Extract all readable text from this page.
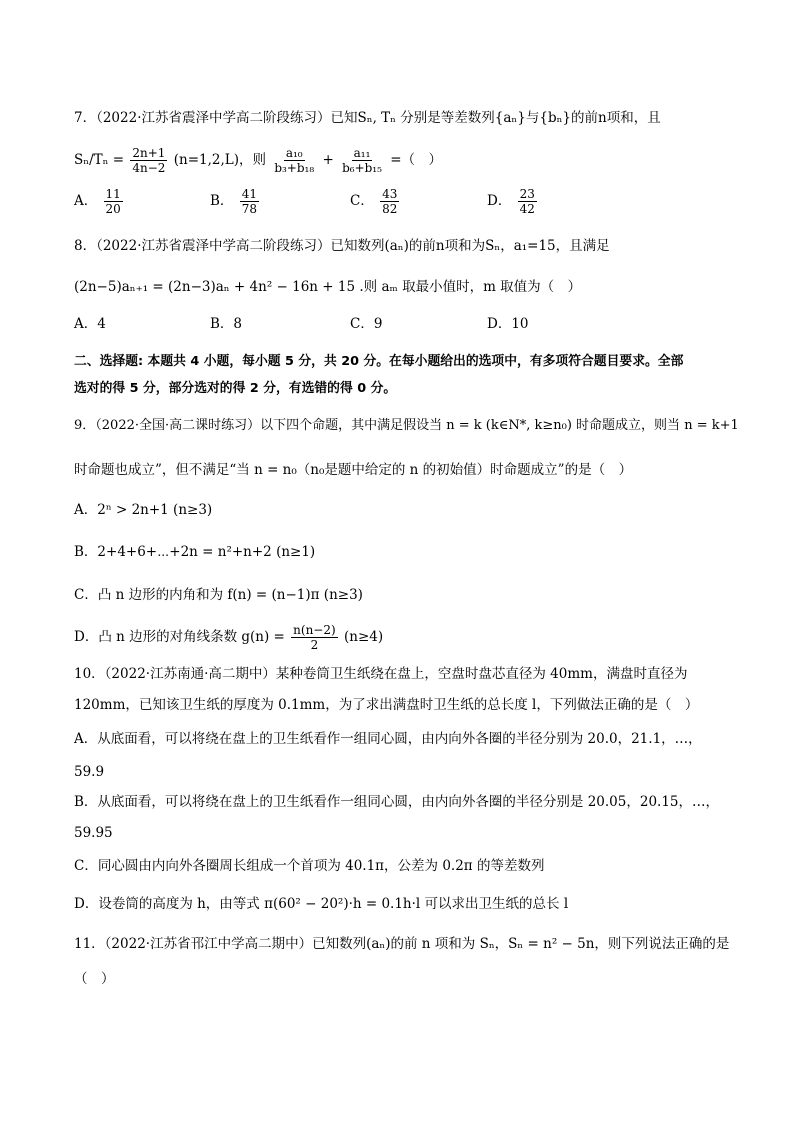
7．（2022·江苏省震泽中学高二阶段练习）已知Sₙ, Tₙ 分别是等差数列{aₙ}与{bₙ}的前n项和，且
$S_n/T_n = \frac{2n+1}{4n-2} (n=1,2,L)$，则 $\frac{\text{a₁₀}}{\text{b₃+b₁₈}} + \frac{\text{a₁₁}}{\text{b₆+b₁₅}}$ =（　）
A． $\frac{11}{20}$	B． $\frac{41}{78}$	C． $\frac{43}{82}$	D． $\frac{23}{42}$
8．（2022·江苏省震泽中学高二阶段练习）已知数列(aₙ)的前n项和为Sₙ，a₁=15，且满足
(2n−5)aₙ₊₁ = (2n−3)aₙ + 4n² − 16n + 15 .则 aₘ 取最小值时，m 取值为（　）
A．4	B．8	C．9	D．10
二、选择题: 本题共 4 小题，每小题 5 分，共 20 分。在每小题给出的选项中，有多项符合题目要求。全部
选对的得 5 分，部分选对的得 2 分，有选错的得 0 分。
9．（2022·全国·高二课时练习）以下四个命题，其中满足假设当 n = k (k∈N*, k≥n₀) 时命题成立，则当 n = k+1
时命题也成立”，但不满足“当 n = n₀（n₀是题中给定的 n 的初始值）时命题成立”的是（　）
A．2ⁿ > 2n+1 (n≥3)
B．2+4+6+⋯+2n = n²+n+2 (n≥1)
C．凸 n 边形的内角和为 f(n) = (n−1)π (n≥3)
D．凸 n 边形的对角线条数 $g(n) = \frac{n(n-2)}{2} (n\ge 4)$
10．（2022·江苏南通·高二期中）某种卷筒卫生纸绕在盘上，空盘时盘芯直径为 40mm，满盘时直径为
120mm，已知该卫生纸的厚度为 0.1mm，为了求出满盘时卫生纸的总长度 l，下列做法正确的是（　）
A．从底面看，可以将绕在盘上的卫生纸看作一组同心圆，由内向外各圈的半径分别为 20.0，21.1，…，
59.9
B．从底面看，可以将绕在盘上的卫生纸看作一组同心圆，由内向外各圈的半径分别是 20.05，20.15，…，
59.95
C．同心圆由内向外各圈周长组成一个首项为 40.1π，公差为 0.2π 的等差数列
D．设卷筒的高度为 h，由等式 π(60² − 20²)·h = 0.1h·l 可以求出卫生纸的总长 l
11．（2022·江苏省邗江中学高二期中）已知数列(aₙ)的前 n 项和为 Sₙ，Sₙ = n² − 5n，则下列说法正确的是
（　）
